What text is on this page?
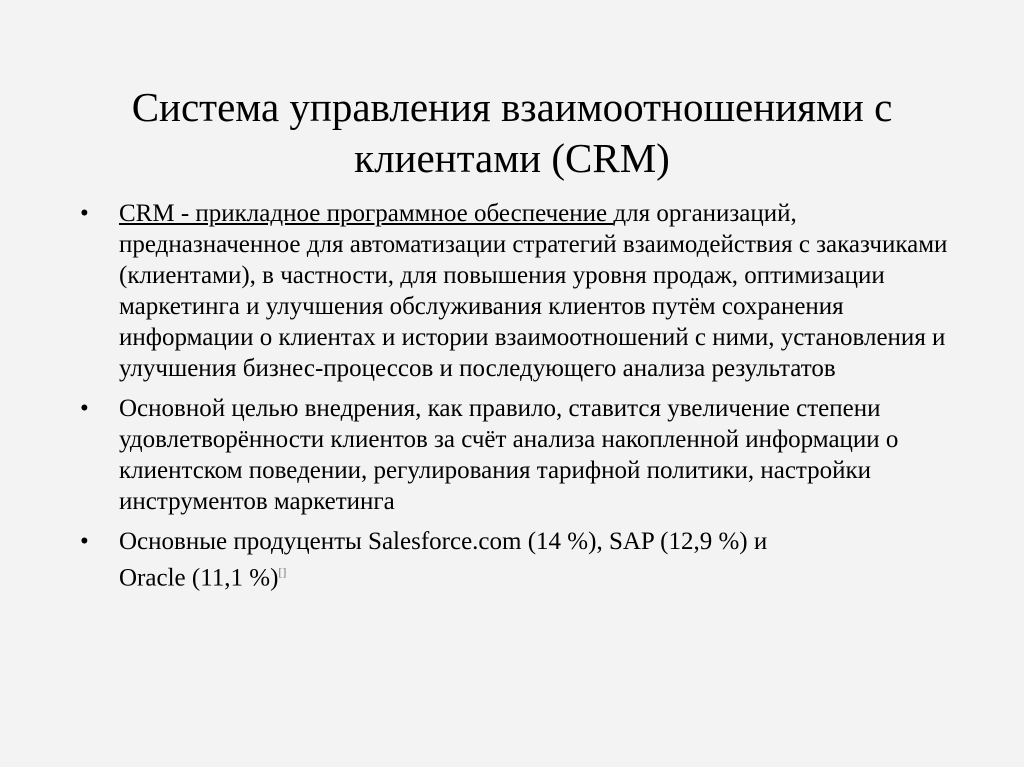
Система управления взаимоотношениями с
клиентами (CRM)
• CRM - прикладное программное обеспечение для организаций, предназначенное для автоматизации стратегий взаимодействия с заказчиками (клиентами), в частности, для повышения уровня продаж, оптимизации маркетинга и улучшения обслуживания клиентов путём сохранения информации о клиентах и истории взаимоотношений с ними, установления и улучшения бизнес-процессов и последующего анализа результатов
• Основной целью внедрения, как правило, ставится увеличение степени удовлетворённости клиентов за счёт анализа накопленной информации о клиентском поведении, регулирования тарифной политики, настройки инструментов маркетинга
• Основные продуценты Salesforce.com (14 %), SAP (12,9 %) и
Oracle (11,1 %)[]
